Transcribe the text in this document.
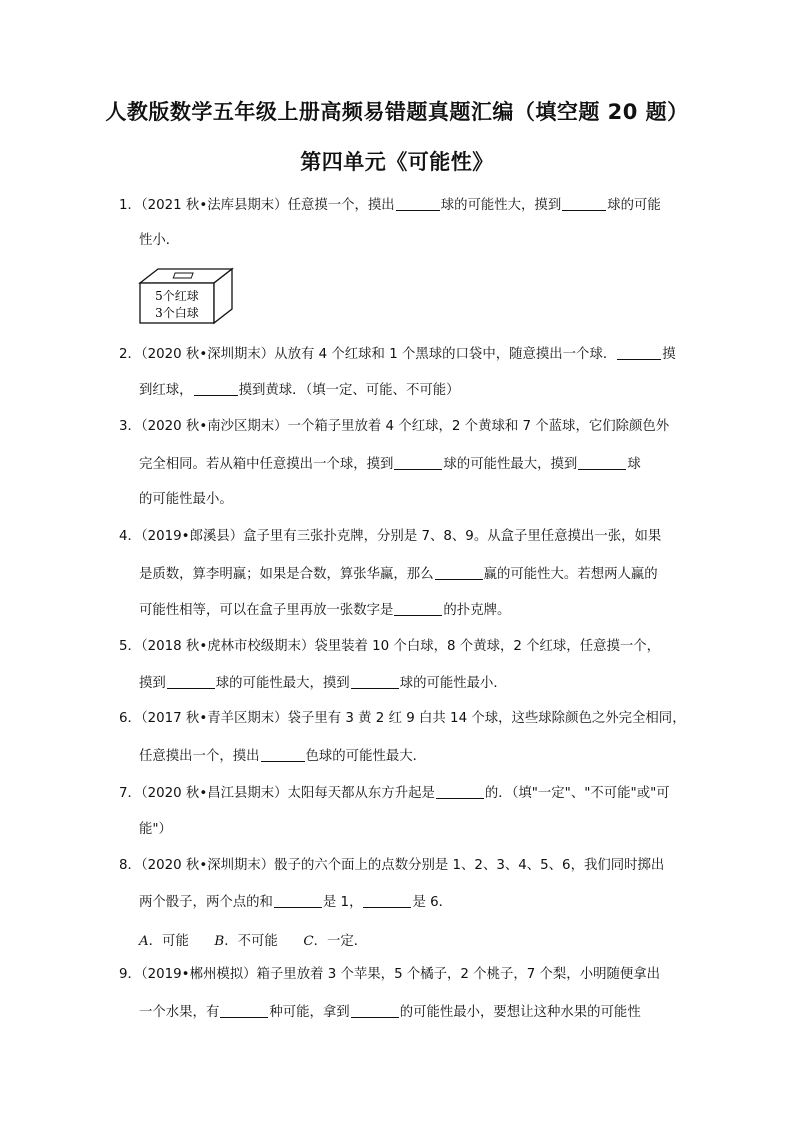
人教版数学五年级上册高频易错题真题汇编（填空题 20 题）
第四单元《可能性》
1．（2021 秋•法库县期末）任意摸一个，摸出	球的可能性大，摸到	球的可能
性小．
5个红球
3个白球
2．（2020 秋•深圳期末）从放有 4 个红球和 1 个黑球的口袋中，随意摸出一个球．	摸
到红球，	摸到黄球．（填一定、可能、不可能）
3．（2020 秋•南沙区期末）一个箱子里放着 4 个红球，2 个黄球和 7 个蓝球，它们除颜色外
完全相同。若从箱中任意摸出一个球，摸到	球的可能性最大，摸到	球
的可能性最小。
4．（2019•郎溪县）盒子里有三张扑克牌，分别是 7、8、9。从盒子里任意摸出一张，如果
是质数，算李明赢；如果是合数，算张华赢，那么	赢的可能性大。若想两人赢的
可能性相等，可以在盒子里再放一张数字是	的扑克牌。
5．（2018 秋•虎林市校级期末）袋里装着 10 个白球，8 个黄球，2 个红球，任意摸一个，
摸到	球的可能性最大，摸到	球的可能性最小．
6．（2017 秋•青羊区期末）袋子里有 3 黄 2 红 9 白共 14 个球，这些球除颜色之外完全相同，
任意摸出一个，摸出	色球的可能性最大．
7．（2020 秋•昌江县期末）太阳每天都从东方升起是	的．（填"一定"、"不可能"或"可
能"）
8．（2020 秋•深圳期末）骰子的六个面上的点数分别是 1、2、3、4、5、6，我们同时掷出
两个骰子，两个点的和	是 1，	是 6．
A．可能 B．不可能 C．一定．
9．（2019•郴州模拟）箱子里放着 3 个苹果，5 个橘子，2 个桃子，7 个梨，小明随便拿出
一个水果，有	种可能，拿到	的可能性最小，要想让这种水果的可能性
